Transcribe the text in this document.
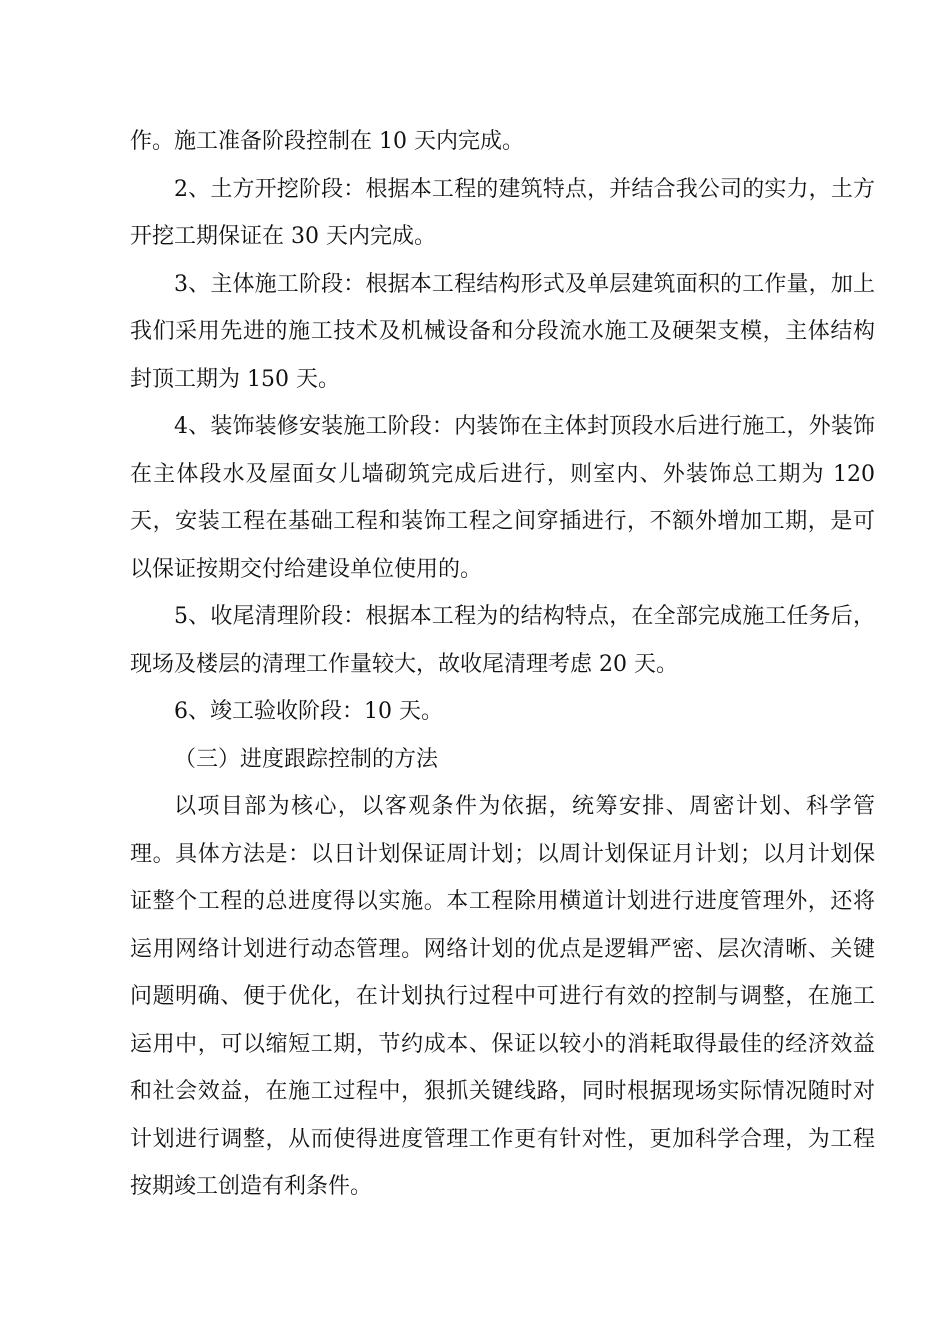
作。施工准备阶段控制在 10 天内完成。

2、土方开挖阶段：根据本工程的建筑特点，并结合我公司的实力，土方开挖工期保证在 30 天内完成。

3、主体施工阶段：根据本工程结构形式及单层建筑面积的工作量，加上我们采用先进的施工技术及机械设备和分段流水施工及硬架支模，主体结构封顶工期为 150 天。

4、装饰装修安装施工阶段：内装饰在主体封顶段水后进行施工，外装饰在主体段水及屋面女儿墙砌筑完成后进行，则室内、外装饰总工期为 120 天，安装工程在基础工程和装饰工程之间穿插进行，不额外增加工期，是可以保证按期交付给建设单位使用的。

5、收尾清理阶段：根据本工程为的结构特点，在全部完成施工任务后，现场及楼层的清理工作量较大，故收尾清理考虑 20 天。

6、竣工验收阶段：10 天。

（三）进度跟踪控制的方法

以项目部为核心，以客观条件为依据，统筹安排、周密计划、科学管理。具体方法是：以日计划保证周计划；以周计划保证月计划；以月计划保证整个工程的总进度得以实施。本工程除用横道计划进行进度管理外，还将运用网络计划进行动态管理。网络计划的优点是逻辑严密、层次清晰、关键问题明确、便于优化，在计划执行过程中可进行有效的控制与调整，在施工运用中，可以缩短工期，节约成本、保证以较小的消耗取得最佳的经济效益和社会效益，在施工过程中，狠抓关键线路，同时根据现场实际情况随时对计划进行调整，从而使得进度管理工作更有针对性，更加科学合理，为工程按期竣工创造有利条件。
